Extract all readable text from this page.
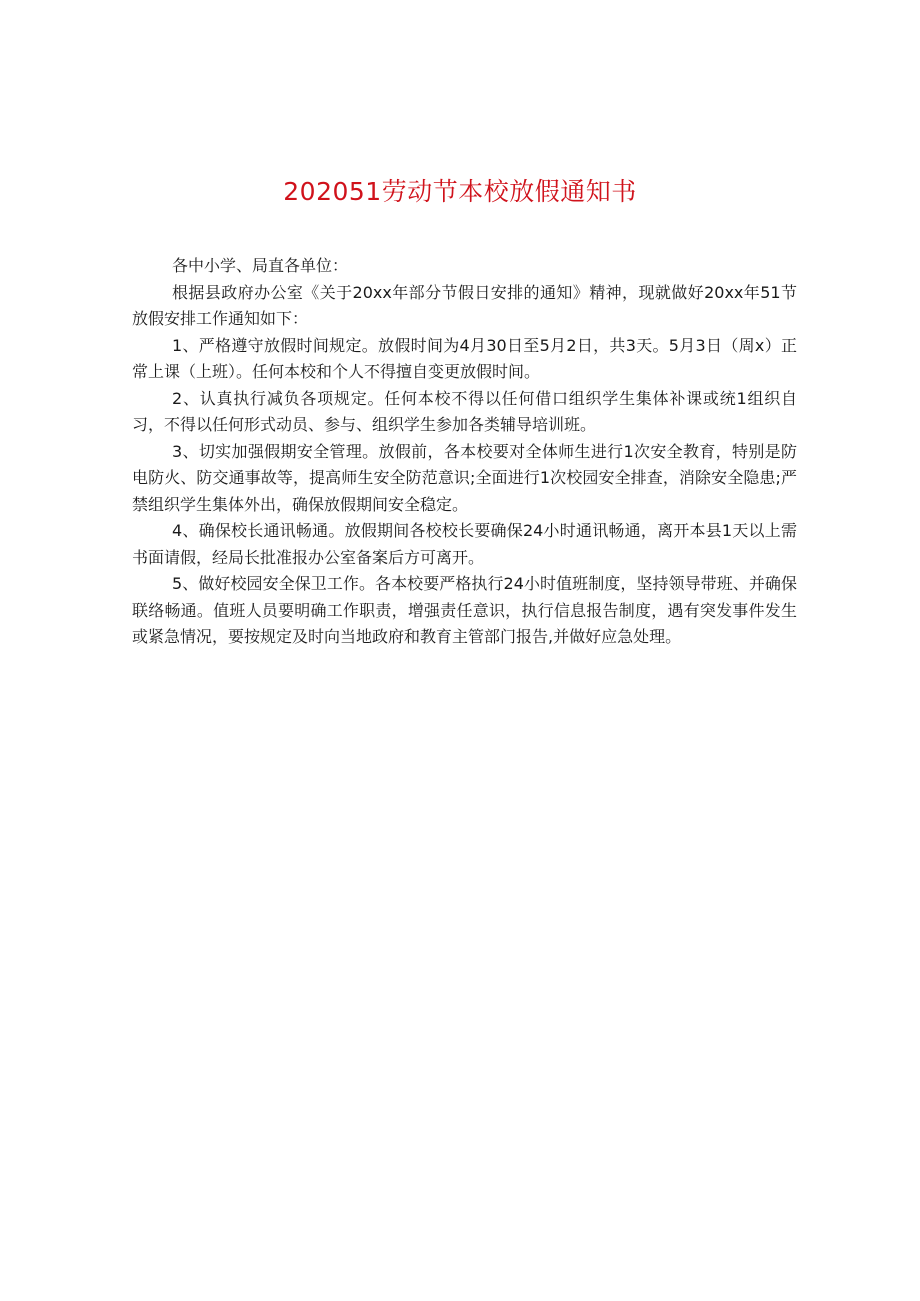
202051劳动节本校放假通知书

各中小学、局直各单位：

根据县政府办公室《关于20xx年部分节假日安排的通知》精神，现就做好20xx年51节放假安排工作通知如下：

1、严格遵守放假时间规定。放假时间为4月30日至5月2日，共3天。5月3日（周x）正常上课（上班）。任何本校和个人不得擅自变更放假时间。

2、认真执行减负各项规定。任何本校不得以任何借口组织学生集体补课或统1组织自习，不得以任何形式动员、参与、组织学生参加各类辅导培训班。

3、切实加强假期安全管理。放假前，各本校要对全体师生进行1次安全教育，特别是防电防火、防交通事故等，提高师生安全防范意识;全面进行1次校园安全排查，消除安全隐患;严禁组织学生集体外出，确保放假期间安全稳定。

4、确保校长通讯畅通。放假期间各校校长要确保24小时通讯畅通，离开本县1天以上需书面请假，经局长批准报办公室备案后方可离开。

5、做好校园安全保卫工作。各本校要严格执行24小时值班制度，坚持领导带班、并确保联络畅通。值班人员要明确工作职责，增强责任意识，执行信息报告制度，遇有突发事件发生或紧急情况，要按规定及时向当地政府和教育主管部门报告,并做好应急处理。
